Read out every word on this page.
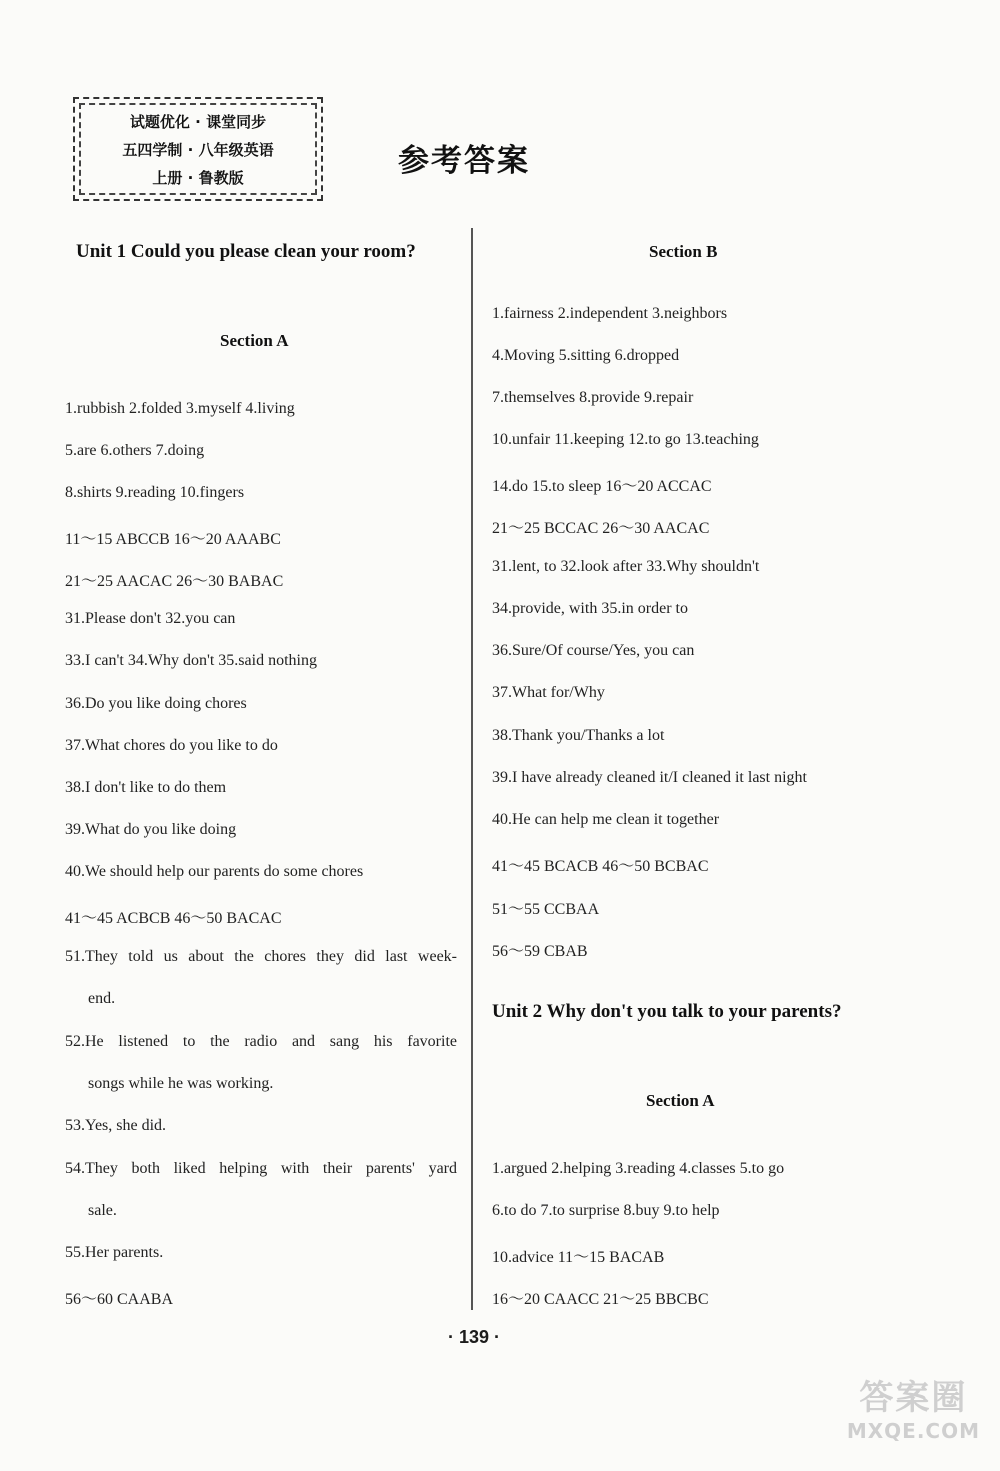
试题优化 · 课堂同步
五四学制 · 八年级英语
上册 · 鲁教版	参考答案
Unit 1 Could you please clean your room?
Section A
1.rubbish 2.folded 3.myself 4.living
5.are 6.others 7.doing
8.shirts 9.reading 10.fingers
11～15 ABCCB 16～20 AAABC
21～25 AACAC 26～30 BABAC
31.Please don't 32.you can
33.I can't 34.Why don't 35.said nothing
36.Do you like doing chores
37.What chores do you like to do
38.I don't like to do them
39.What do you like doing
40.We should help our parents do some chores
41～45 ACBCB 46～50 BACAC
51.They told us about the chores they did last week-
end.
52.He listened to the radio and sang his favorite
songs while he was working.
53.Yes, she did.
54.They both liked helping with their parents' yard
sale.
55.Her parents.
56～60 CAABA
Section B
1.fairness 2.independent 3.neighbors
4.Moving 5.sitting 6.dropped
7.themselves 8.provide 9.repair
10.unfair 11.keeping 12.to go 13.teaching
14.do 15.to sleep 16～20 ACCAC
21～25 BCCAC 26～30 AACAC
31.lent, to 32.look after 33.Why shouldn't
34.provide, with 35.in order to
36.Sure/Of course/Yes, you can
37.What for/Why
38.Thank you/Thanks a lot
39.I have already cleaned it/I cleaned it last night
40.He can help me clean it together
41～45 BCACB 46～50 BCBAC
51～55 CCBAA
56～59 CBAB
Unit 2 Why don't you talk to your parents?
Section A
1.argued 2.helping 3.reading 4.classes 5.to go
6.to do 7.to surprise 8.buy 9.to help
10.advice 11～15 BACAB
16～20 CAACC 21～25 BBCBC
· 139 ·
答案圈
MXQE.COM
